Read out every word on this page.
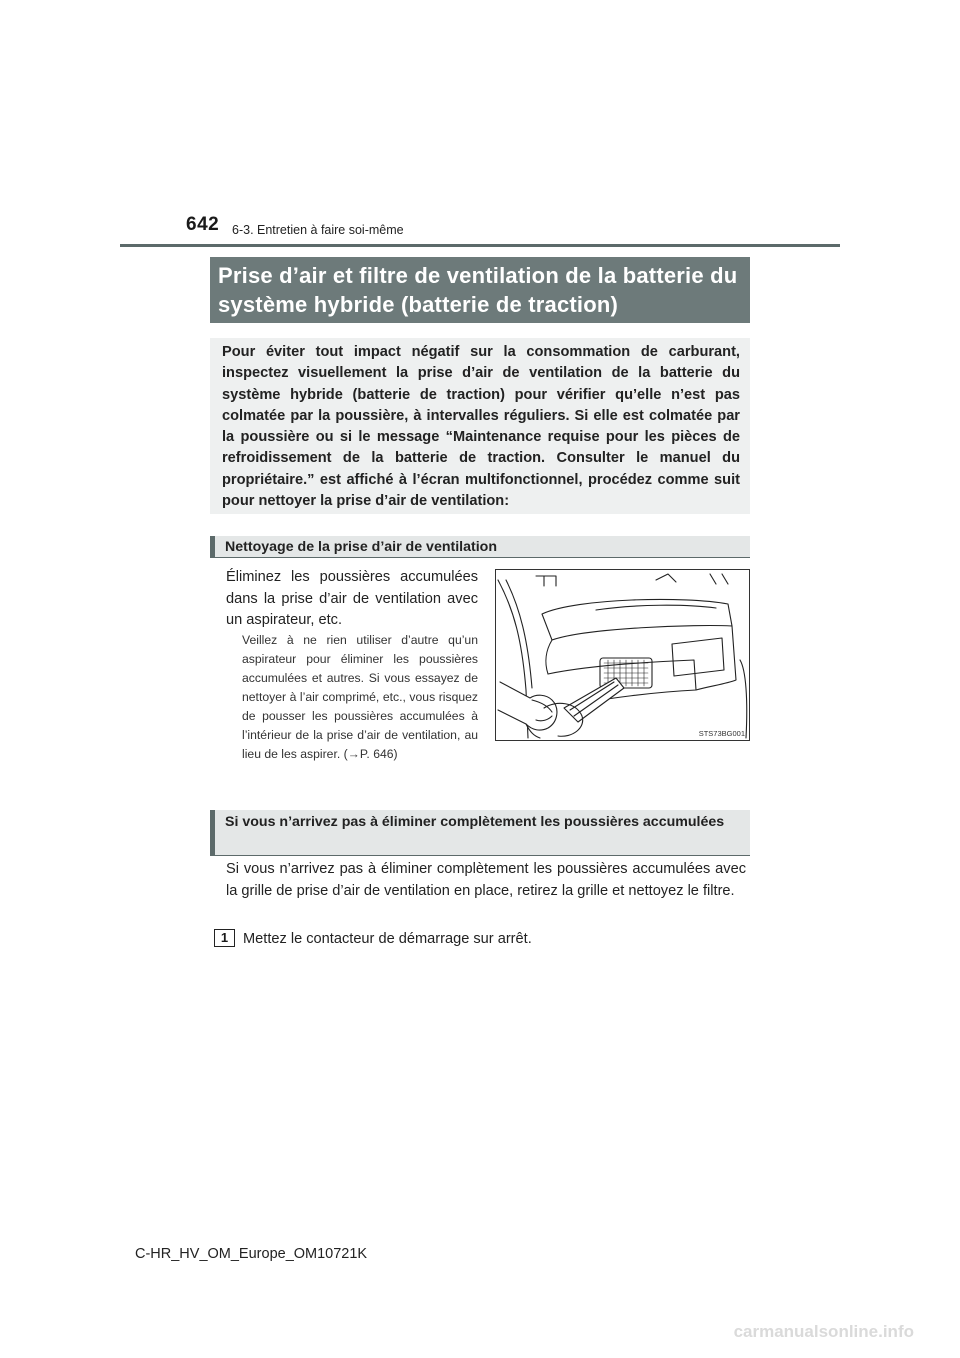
642 6-3. Entretien à faire soi-même
Prise d’air et filtre de ventilation de la batterie du système hybride (batterie de traction)
Pour éviter tout impact négatif sur la consommation de carburant, inspectez visuellement la prise d’air de ventilation de la batterie du système hybride (batterie de traction) pour vérifier qu’elle n’est pas colmatée par la poussière, à intervalles réguliers. Si elle est colmatée par la poussière ou si le message “Maintenance requise pour les pièces de refroidissement de la batterie de traction. Consulter le manuel du propriétaire.” est affiché à l’écran multifonctionnel, procédez comme suit pour nettoyer la prise d’air de ventilation:
Nettoyage de la prise d’air de ventilation
Éliminez les poussières accumulées dans la prise d’air de ventilation avec un aspirateur, etc.
Veillez à ne rien utiliser d’autre qu’un aspirateur pour éliminer les poussières accumulées et autres. Si vous essayez de nettoyer à l’air comprimé, etc., vous risquez de pousser les poussières accumulées à l’intérieur de la prise d’air de ventilation, au lieu de les aspirer. (→P. 646)
STS73BG001
Si vous n’arrivez pas à éliminer complètement les poussières accumulées
Si vous n’arrivez pas à éliminer complètement les poussières accumulées avec la grille de prise d’air de ventilation en place, retirez la grille et nettoyez le filtre.
1	Mettez le contacteur de démarrage sur arrêt.
C-HR_HV_OM_Europe_OM10721K
carmanualsonline.info
